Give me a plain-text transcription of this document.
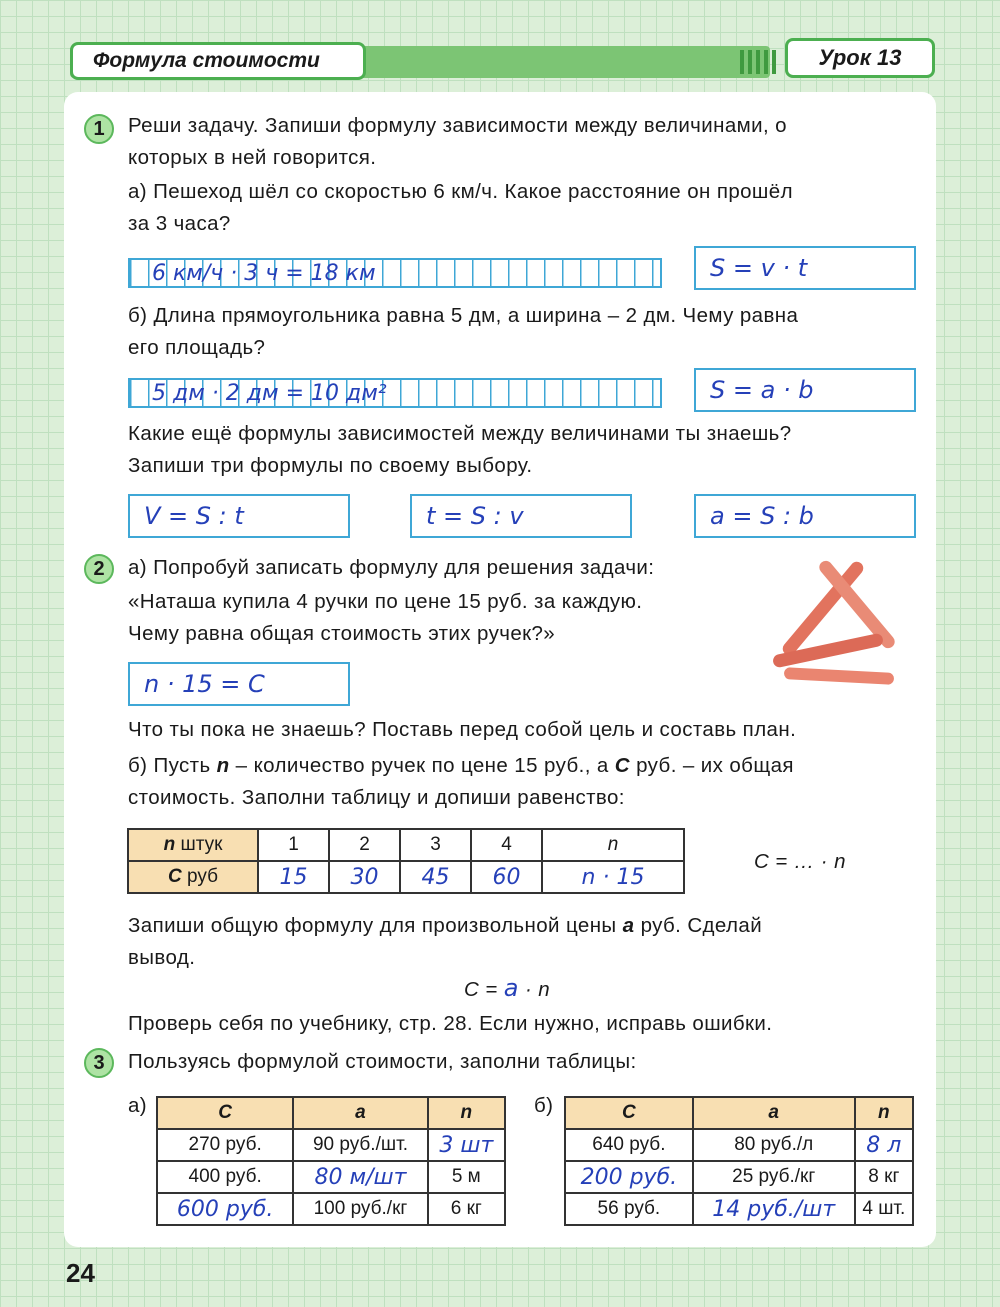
Формула стоимости	Урок 13
1	Реши задачу. Запиши формулу зависимости между величинами, о
которых в ней говорится.
а) Пешеход шёл со скоростью 6 км/ч. Какое расстояние он прошёл
за 3 часа?
6 км/ч · 3 ч = 18 км	S = v · t
б) Длина прямоугольника равна 5 дм, а ширина – 2 дм. Чему равна
его площадь?
5 дм · 2 дм = 10 дм²	S = a · b
Какие ещё формулы зависимостей между величинами ты знаешь?
Запиши три формулы по своему выбору.
V = S : t	t = S : v	a = S : b
2	а) Попробуй записать формулу для решения задачи:
«Наташа купила 4 ручки по цене 15 руб. за каждую.
Чему равна общая стоимость этих ручек?»
n · 15 = C
Что ты пока не знаешь? Поставь перед собой цель и составь план.
б) Пусть n – количество ручек по цене 15 руб., а C руб. – их общая
стоимость. Заполни таблицу и допиши равенство:
n штук	1	2	3	4	n
C руб	15	30	45	60	n · 15
C = … · n
Запиши общую формулу для произвольной цены a руб. Сделай
вывод.
C = a · n
Проверь себя по учебнику, стр. 28. Если нужно, исправь ошибки.
3	Пользуясь формулой стоимости, заполни таблицы:
а)	б)
C	a	n
270 руб.	90 руб./шт.	3 шт
400 руб.	80 м/шт	5 м
600 руб.	100 руб./кг	6 кг
C	a	n
640 руб.	80 руб./л	8 л
200 руб.	25 руб./кг	8 кг
56 руб.	14 руб./шт	4 шт.
24
